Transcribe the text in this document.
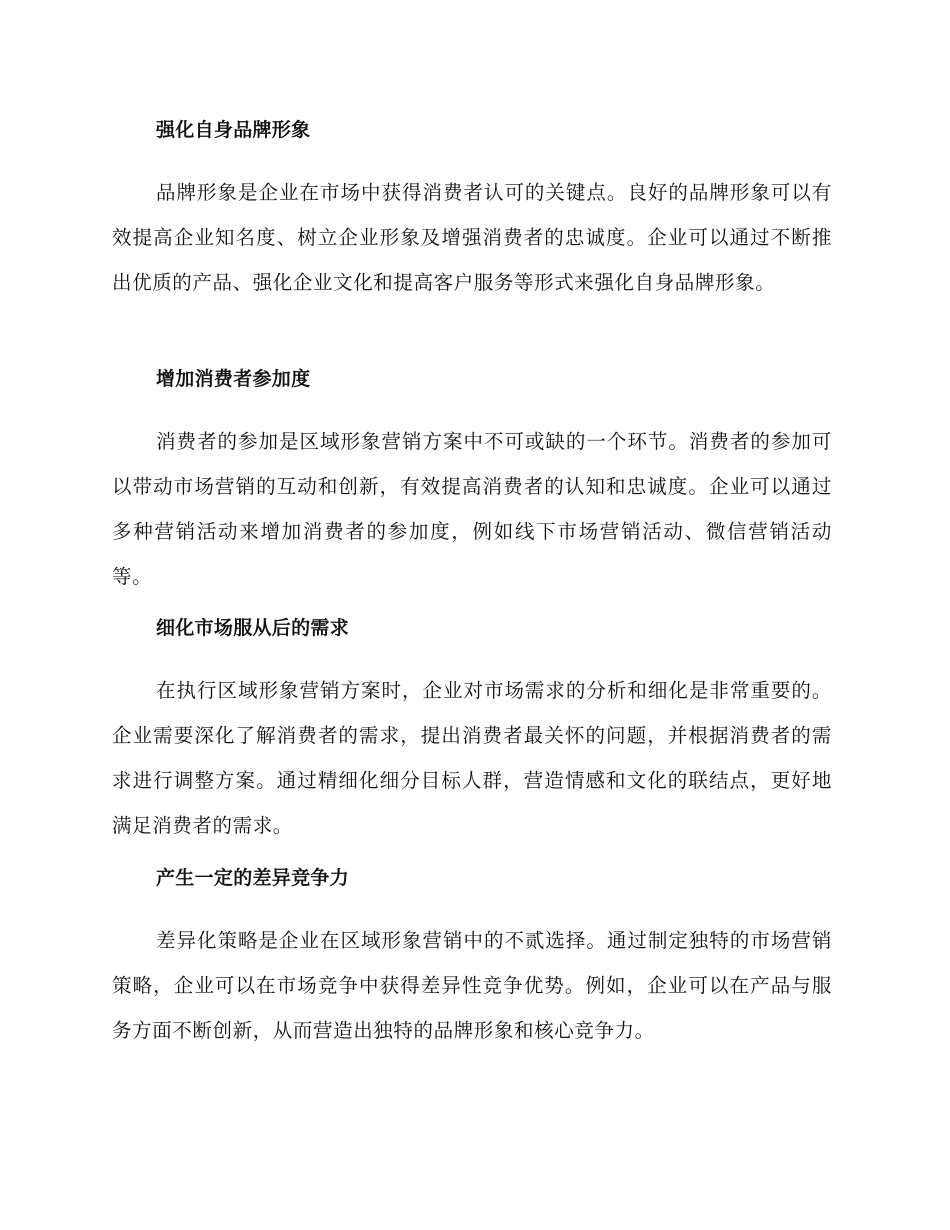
强化自身品牌形象

品牌形象是企业在市场中获得消费者认可的关键点。良好的品牌形象可以有效提高企业知名度、树立企业形象及增强消费者的忠诚度。企业可以通过不断推出优质的产品、强化企业文化和提高客户服务等形式来强化自身品牌形象。

增加消费者参加度

消费者的参加是区域形象营销方案中不可或缺的一个环节。消费者的参加可以带动市场营销的互动和创新，有效提高消费者的认知和忠诚度。企业可以通过多种营销活动来增加消费者的参加度，例如线下市场营销活动、微信营销活动等。

细化市场服从后的需求

在执行区域形象营销方案时，企业对市场需求的分析和细化是非常重要的。企业需要深化了解消费者的需求，提出消费者最关怀的问题，并根据消费者的需求进行调整方案。通过精细化细分目标人群，营造情感和文化的联结点，更好地满足消费者的需求。

产生一定的差异竞争力

差异化策略是企业在区域形象营销中的不贰选择。通过制定独特的市场营销策略，企业可以在市场竞争中获得差异性竞争优势。例如，企业可以在产品与服务方面不断创新，从而营造出独特的品牌形象和核心竞争力。
